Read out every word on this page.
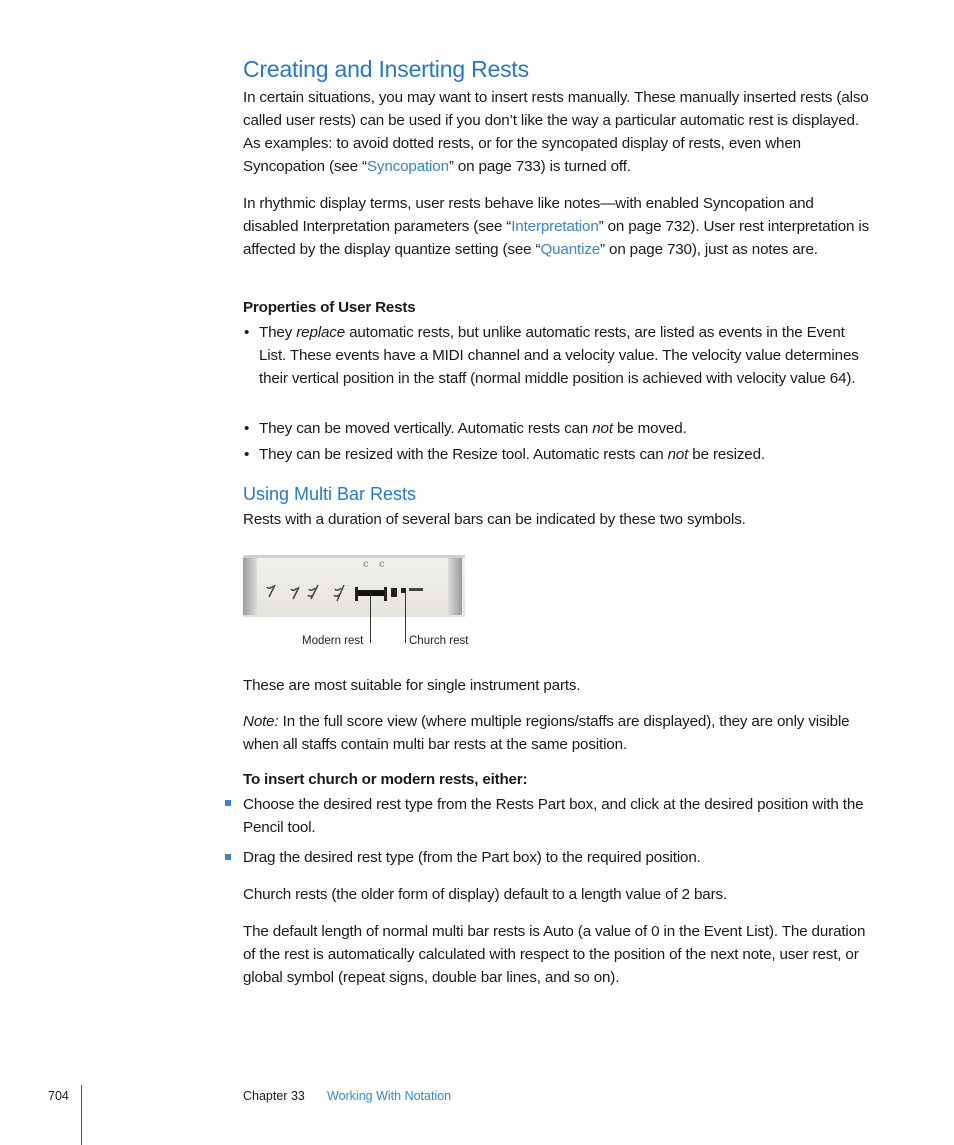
Creating and Inserting Rests

In certain situations, you may want to insert rests manually. These manually inserted rests (also called user rests) can be used if you don’t like the way a particular automatic rest is displayed. As examples: to avoid dotted rests, or for the syncopated display of rests, even when Syncopation (see “Syncopation” on page 733) is turned off.

In rhythmic display terms, user rests behave like notes—with enabled Syncopation and disabled Interpretation parameters (see “Interpretation” on page 732). User rest interpretation is affected by the display quantize setting (see “Quantize” on page 730), just as notes are.

Properties of User Rests

• They replace automatic rests, but unlike automatic rests, are listed as events in the Event List. These events have a MIDI channel and a velocity value. The velocity value determines their vertical position in the staff (normal middle position is achieved with velocity value 64).

• They can be moved vertically. Automatic rests can not be moved.

• They can be resized with the Resize tool. Automatic rests can not be resized.

Using Multi Bar Rests

Rests with a duration of several bars can be indicated by these two symbols.

c c
Modern rest	Church rest

These are most suitable for single instrument parts.

Note: In the full score view (where multiple regions/staffs are displayed), they are only visible when all staffs contain multi bar rests at the same position.

To insert church or modern rests, either:

Choose the desired rest type from the Rests Part box, and click at the desired position with the Pencil tool.

Drag the desired rest type (from the Part box) to the required position.

Church rests (the older form of display) default to a length value of 2 bars.

The default length of normal multi bar rests is Auto (a value of 0 in the Event List). The duration of the rest is automatically calculated with respect to the position of the next note, user rest, or global symbol (repeat signs, double bar lines, and so on).

704	Chapter 33 Working With Notation
